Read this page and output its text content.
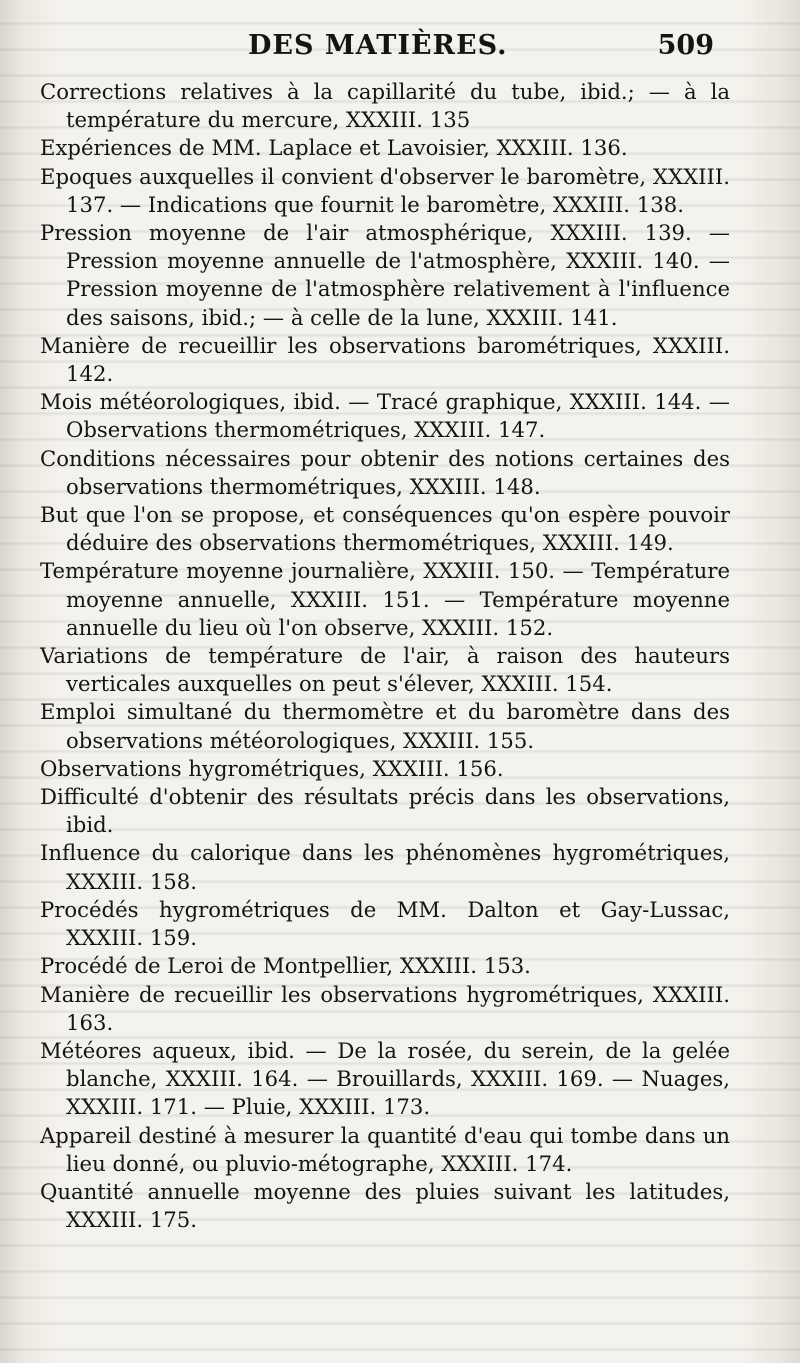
DES MATIÈRES.	509
Corrections relatives à la capillarité du tube, ibid.; — à la température du mercure, XXXIII. 135
Expériences de MM. Laplace et Lavoisier, XXXIII. 136.
Epoques auxquelles il convient d'observer le baromètre, XXXIII. 137. — Indications que fournit le baromètre, XXXIII. 138.
Pression moyenne de l'air atmosphérique, XXXIII. 139. — Pression moyenne annuelle de l'atmosphère, XXXIII. 140. — Pression moyenne de l'atmosphère relativement à l'influence des saisons, ibid.; — à celle de la lune, XXXIII. 141.
Manière de recueillir les observations barométriques, XXXIII. 142.
Mois météorologiques, ibid. — Tracé graphique, XXXIII. 144. — Observations thermométriques, XXXIII. 147.
Conditions nécessaires pour obtenir des notions certaines des observations thermométriques, XXXIII. 148.
But que l'on se propose, et conséquences qu'on espère pouvoir déduire des observations thermométriques, XXXIII. 149.
Température moyenne journalière, XXXIII. 150. — Température moyenne annuelle, XXXIII. 151. — Température moyenne annuelle du lieu où l'on observe, XXXIII. 152.
Variations de température de l'air, à raison des hauteurs verticales auxquelles on peut s'élever, XXXIII. 154.
Emploi simultané du thermomètre et du baromètre dans des observations météorologiques, XXXIII. 155.
Observations hygrométriques, XXXIII. 156.
Difficulté d'obtenir des résultats précis dans les observations, ibid.
Influence du calorique dans les phénomènes hygrométriques, XXXIII. 158.
Procédés hygrométriques de MM. Dalton et Gay-Lussac, XXXIII. 159.
Procédé de Leroi de Montpellier, XXXIII. 153.
Manière de recueillir les observations hygrométriques, XXXIII. 163.
Météores aqueux, ibid. — De la rosée, du serein, de la gelée blanche, XXXIII. 164. — Brouillards, XXXIII. 169. — Nuages, XXXIII. 171. — Pluie, XXXIII. 173.
Appareil destiné à mesurer la quantité d'eau qui tombe dans un lieu donné, ou pluvio-métographe, XXXIII. 174.
Quantité annuelle moyenne des pluies suivant les latitudes, XXXIII. 175.
